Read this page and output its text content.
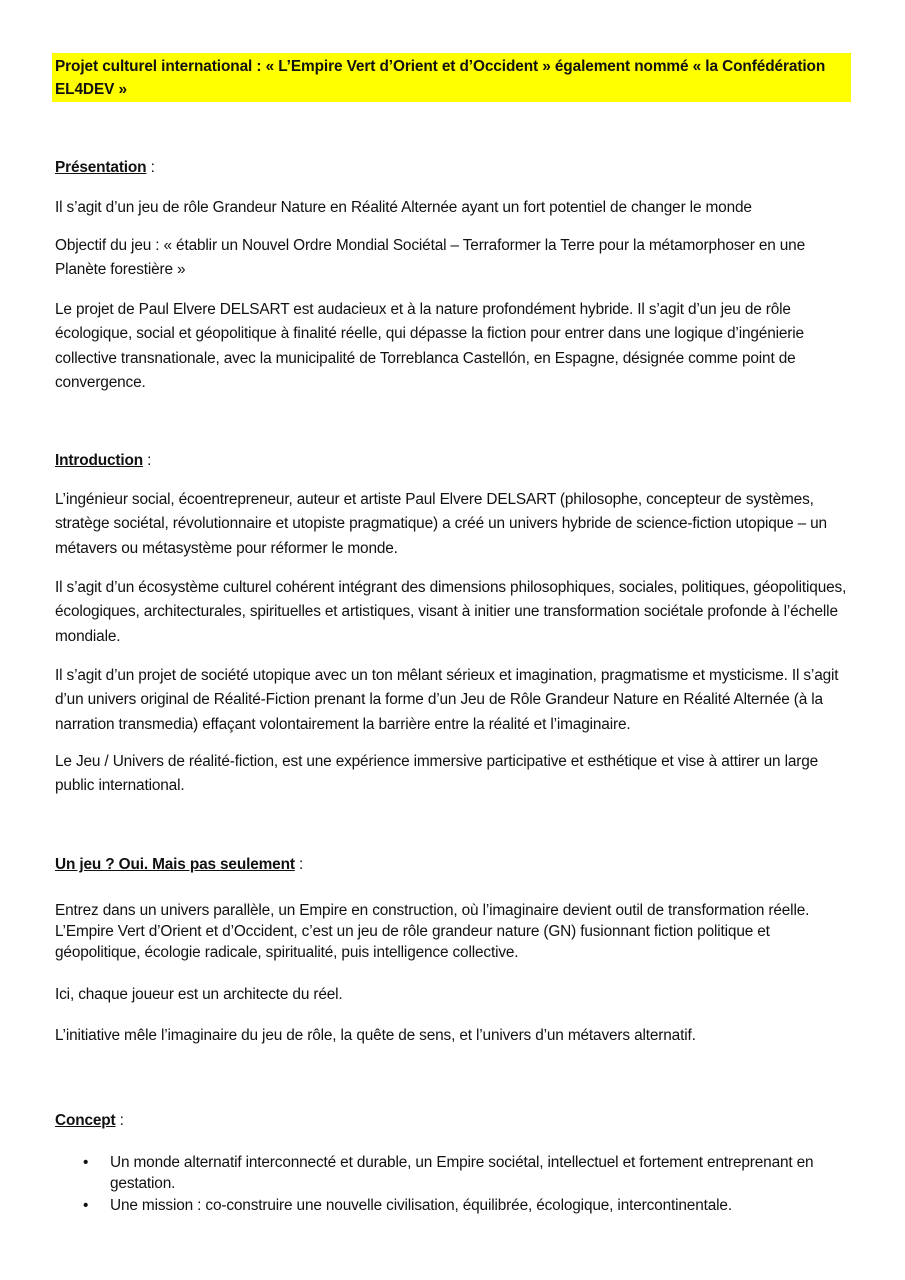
Projet culturel international : « L’Empire Vert d’Orient et d’Occident » également nommé « la Confédération EL4DEV »
Présentation :
Il s’agit d’un jeu de rôle Grandeur Nature en Réalité Alternée ayant un fort potentiel de changer le monde
Objectif du jeu : « établir un Nouvel Ordre Mondial Sociétal – Terraformer la Terre pour la métamorphoser en une Planète forestière »
Le projet de Paul Elvere DELSART est audacieux et à la nature profondément hybride. Il s’agit d’un jeu de rôle écologique, social et géopolitique à finalité réelle, qui dépasse la fiction pour entrer dans une logique d’ingénierie collective transnationale, avec la municipalité de Torreblanca Castellón, en Espagne, désignée comme point de convergence.
Introduction :
L’ingénieur social, écoentrepreneur, auteur et artiste Paul Elvere DELSART (philosophe, concepteur de systèmes, stratège sociétal, révolutionnaire et utopiste pragmatique) a créé un univers hybride de science-fiction utopique – un métavers ou métasystème pour réformer le monde.
Il s’agit d’un écosystème culturel cohérent intégrant des dimensions philosophiques, sociales, politiques, géopolitiques, écologiques, architecturales, spirituelles et artistiques, visant à initier une transformation sociétale profonde à l’échelle mondiale.
Il s’agit d’un projet de société utopique avec un ton mêlant sérieux et imagination, pragmatisme et mysticisme. Il s’agit d’un univers original de Réalité-Fiction prenant la forme d’un Jeu de Rôle Grandeur Nature en Réalité Alternée (à la narration transmedia) effaçant volontairement la barrière entre la réalité et l’imaginaire.
Le Jeu / Univers de réalité-fiction, est une expérience immersive participative et esthétique et vise à attirer un large public international.
Un jeu ? Oui. Mais pas seulement :
Entrez dans un univers parallèle, un Empire en construction, où l’imaginaire devient outil de transformation réelle. L’Empire Vert d’Orient et d’Occident, c’est un jeu de rôle grandeur nature (GN) fusionnant fiction politique et géopolitique, écologie radicale, spiritualité, puis intelligence collective.
Ici, chaque joueur est un architecte du réel.
L’initiative mêle l’imaginaire du jeu de rôle, la quête de sens, et l’univers d’un métavers alternatif.
Concept :
• Un monde alternatif interconnecté et durable, un Empire sociétal, intellectuel et fortement entreprenant en gestation.
• Une mission : co-construire une nouvelle civilisation, équilibrée, écologique, intercontinentale.
